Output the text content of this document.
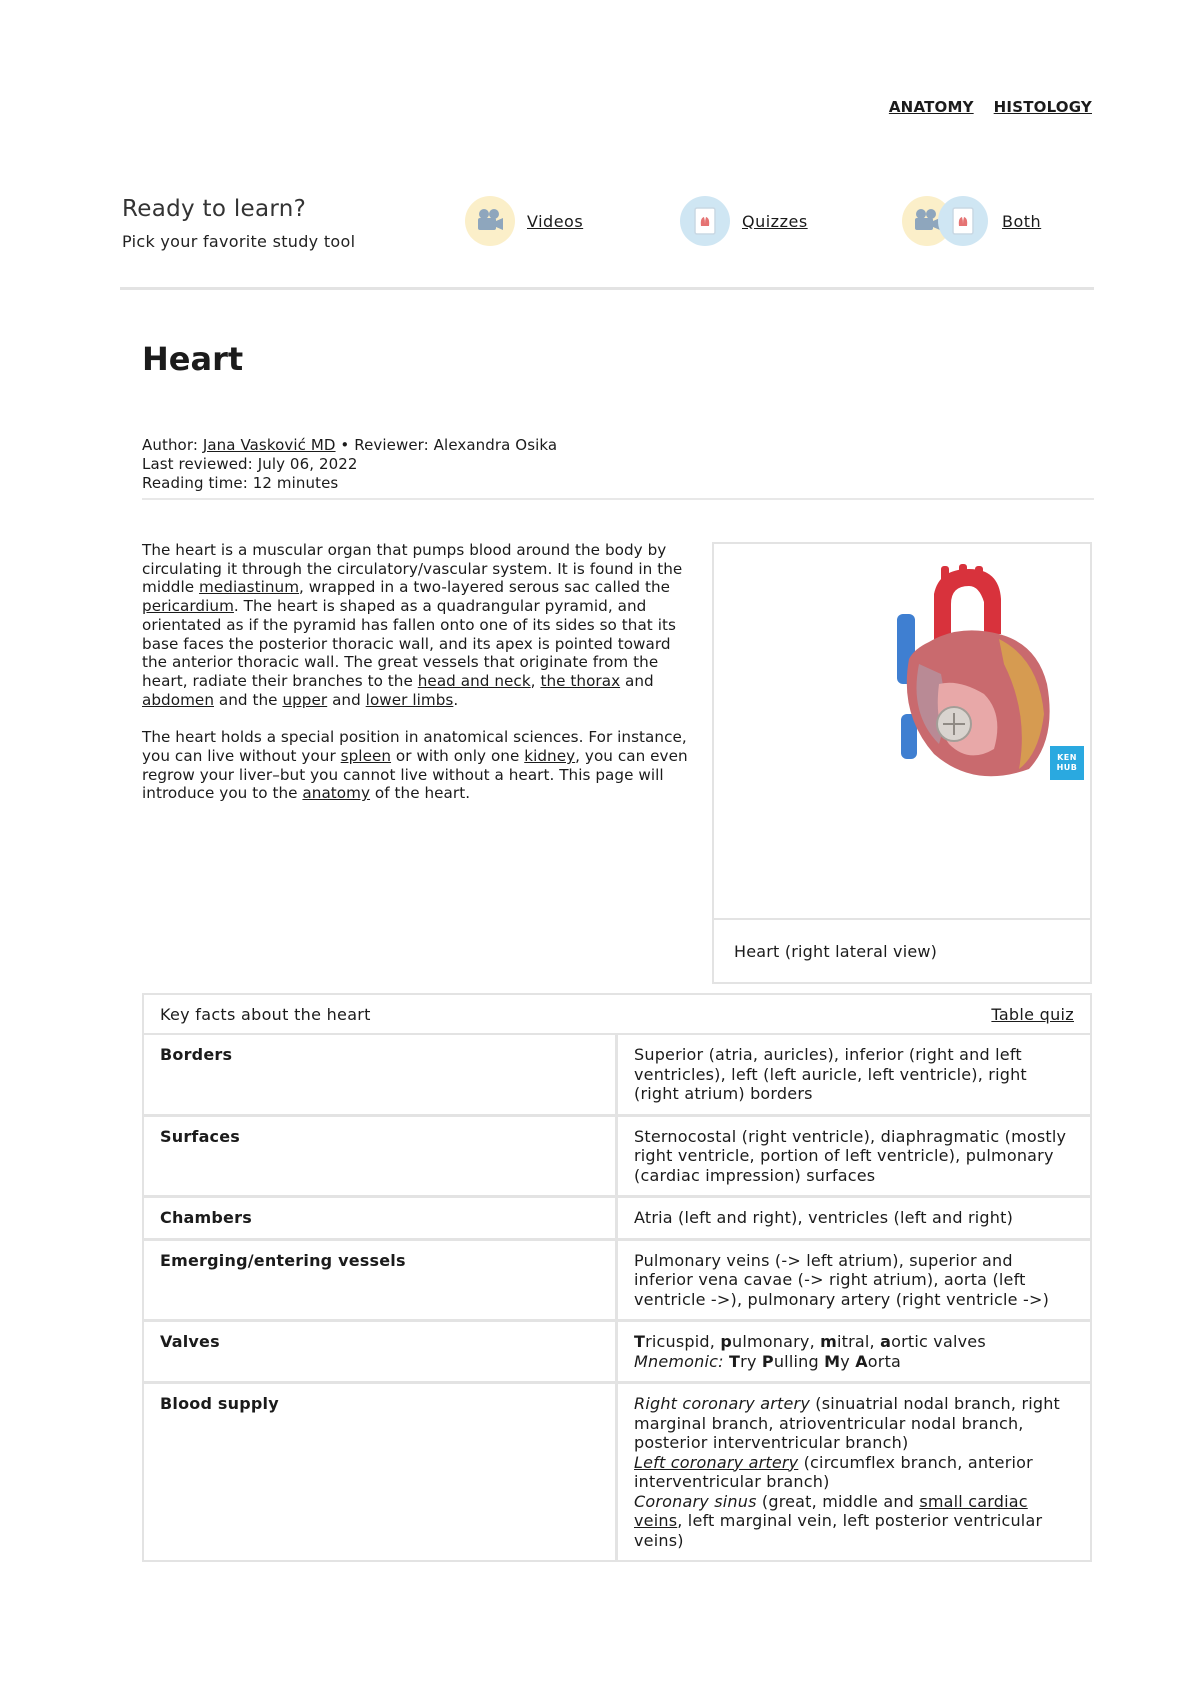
ANATOMY HISTOLOGY
Ready to learn?

Pick your favorite study tool

Videos	Quizzes	Both
Heart
Author: Jana Vasković MD • Reviewer: Alexandra Osika
Last reviewed: July 06, 2022
Reading time: 12 minutes

The heart is a muscular organ that pumps blood around the body by circulating it through the circulatory/vascular system. It is found in the middle mediastinum, wrapped in a two-layered serous sac called the pericardium. The heart is shaped as a quadrangular pyramid, and orientated as if the pyramid has fallen onto one of its sides so that its base faces the posterior thoracic wall, and its apex is pointed toward the anterior thoracic wall. The great vessels that originate from the heart, radiate their branches to the head and neck, the thorax and abdomen and the upper and lower limbs.

The heart holds a special position in anatomical sciences. For instance, you can live without your spleen or with only one kidney, you can even regrow your liver–but you cannot live without a heart. This page will introduce you to the anatomy of the heart.

KEN HUB
Heart (right lateral view)
Key facts about the heart	Table quiz
Borders	Superior (atria, auricles), inferior (right and left ventricles), left (left auricle, left ventricle), right (right atrium) borders
Surfaces	Sternocostal (right ventricle), diaphragmatic (mostly right ventricle, portion of left ventricle), pulmonary (cardiac impression) surfaces
Chambers	Atria (left and right), ventricles (left and right)
Emerging/entering vessels	Pulmonary veins (-> left atrium), superior and inferior vena cavae (-> right atrium), aorta (left ventricle ->), pulmonary artery (right ventricle ->)
Valves	Tricuspid, pulmonary, mitral, aortic valves
Mnemonic: Try Pulling My Aorta
Blood supply	Right coronary artery (sinuatrial nodal branch, right marginal branch, atrioventricular nodal branch, posterior interventricular branch)
Left coronary artery (circumflex branch, anterior interventricular branch)
Coronary sinus (great, middle and small cardiac veins, left marginal vein, left posterior ventricular veins)
